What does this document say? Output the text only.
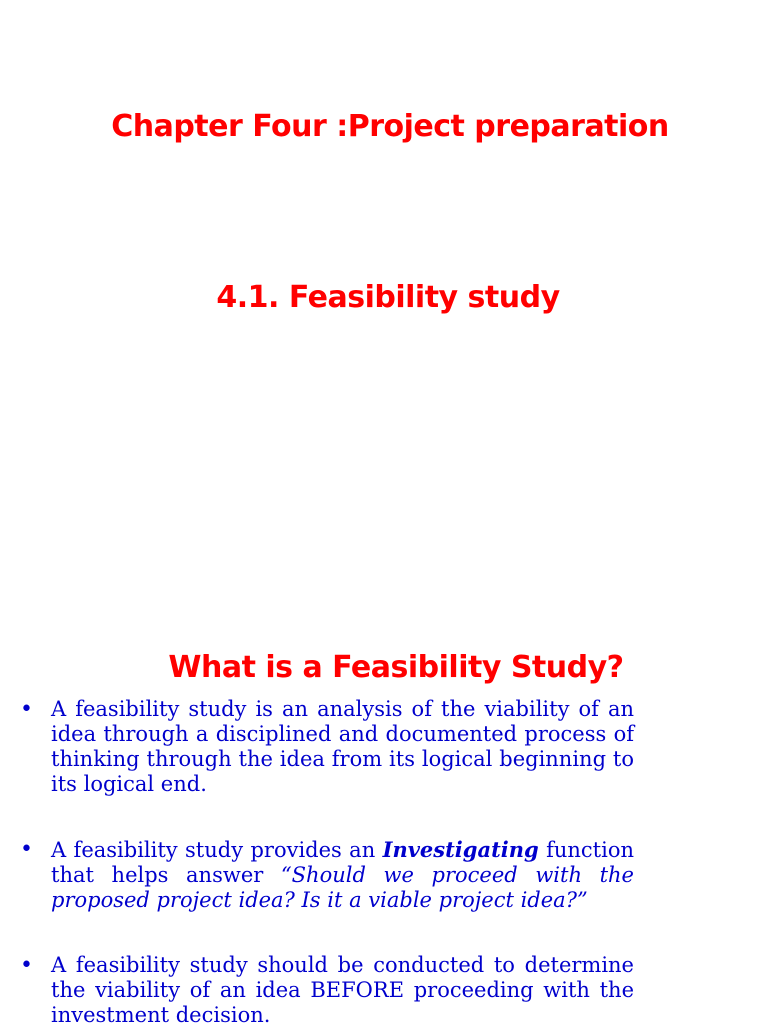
Chapter Four :Project preparation
4.1. Feasibility study
What is a Feasibility Study?
• A feasibility study is an analysis of the viability of an idea through a disciplined and documented process of thinking through the idea from its logical beginning to its logical end.
• A feasibility study provides an Investigating function that helps answer “Should we proceed with the proposed project idea? Is it a viable project idea?”
• A feasibility study should be conducted to determine the viability of an idea BEFORE proceeding with the investment decision.
